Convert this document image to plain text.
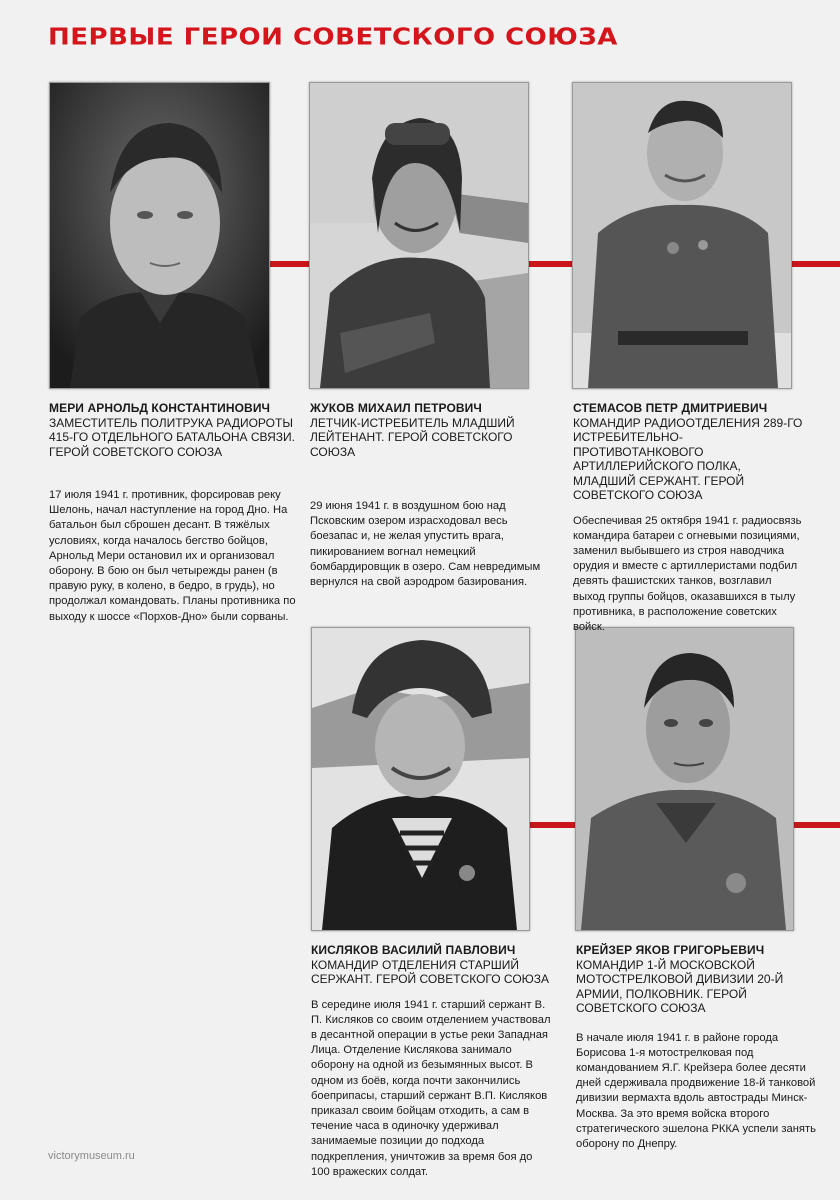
ПЕРВЫЕ ГЕРОИ СОВЕТСКОГО СОЮЗА
МЕРИ АРНОЛЬД КОНСТАНТИНОВИЧ
ЗАМЕСТИТЕЛЬ ПОЛИТРУКА РАДИОРОТЫ 415-ГО ОТДЕЛЬНОГО БАТАЛЬОНА СВЯЗИ. ГЕРОЙ СОВЕТСКОГО СОЮЗА
17 июля 1941 г. противник, форсировав реку Шелонь, начал наступление на город Дно. На батальон был сброшен десант. В тяжёлых условиях, когда началось бегство бойцов, Арнольд Мери остановил их и организовал оборону. В бою он был четырежды ранен (в правую руку, в колено, в бедро, в грудь), но продолжал командовать. Планы противника по выходу к шоссе «Порхов-Дно» были сорваны.
ЖУКОВ МИХАИЛ ПЕТРОВИЧ
ЛЕТЧИК-ИСТРЕБИТЕЛЬ МЛАДШИЙ ЛЕЙТЕНАНТ. ГЕРОЙ СОВЕТСКОГО СОЮЗА
29 июня 1941 г. в воздушном бою над Псковским озером израсходовал весь боезапас и, не желая упустить врага, пикированием вогнал немецкий бомбардировщик в озеро. Сам невредимым вернулся на свой аэродром базирования.
СТЕМАСОВ ПЕТР ДМИТРИЕВИЧ
КОМАНДИР РАДИООТДЕЛЕНИЯ 289-ГО ИСТРЕБИТЕЛЬНО-ПРОТИВОТАНКОВОГО АРТИЛЛЕРИЙСКОГО ПОЛКА, МЛАДШИЙ СЕРЖАНТ. ГЕРОЙ СОВЕТСКОГО СОЮЗА
Обеспечивая 25 октября 1941 г. радиосвязь командира батареи с огневыми позициями, заменил выбывшего из строя наводчика орудия и вместе с артиллеристами подбил девять фашистских танков, возглавил выход группы бойцов, оказавшихся в тылу противника, в расположение советских войск.
КИСЛЯКОВ ВАСИЛИЙ ПАВЛОВИЧ
КОМАНДИР ОТДЕЛЕНИЯ СТАРШИЙ СЕРЖАНТ. ГЕРОЙ СОВЕТСКОГО СОЮЗА
В середине июля 1941 г. старший сержант В. П. Кисляков со своим отделением участвовал в десантной операции в устье реки Западная Лица. Отделение Кислякова занимало оборону на одной из безымянных высот. В одном из боёв, когда почти закончились боеприпасы, старший сержант В.П. Кисляков приказал своим бойцам отходить, а сам в течение часа в одиночку удерживал занимаемые позиции до подхода подкрепления, уничтожив за время боя до 100 вражеских солдат.
КРЕЙЗЕР ЯКОВ ГРИГОРЬЕВИЧ
КОМАНДИР 1-Й МОСКОВСКОЙ МОТОСТРЕЛКОВОЙ ДИВИЗИИ 20-Й АРМИИ, ПОЛКОВНИК. ГЕРОЙ СОВЕТСКОГО СОЮЗА
В начале июля 1941 г. в районе города Борисова 1-я мотострелковая под командованием Я.Г. Крейзера более десяти дней сдерживала продвижение 18-й танковой дивизии вермахта вдоль автострады Минск-Москва. За это время войска второго стратегического эшелона РККА успели занять оборону по Днепру.
victorymuseum.ru
